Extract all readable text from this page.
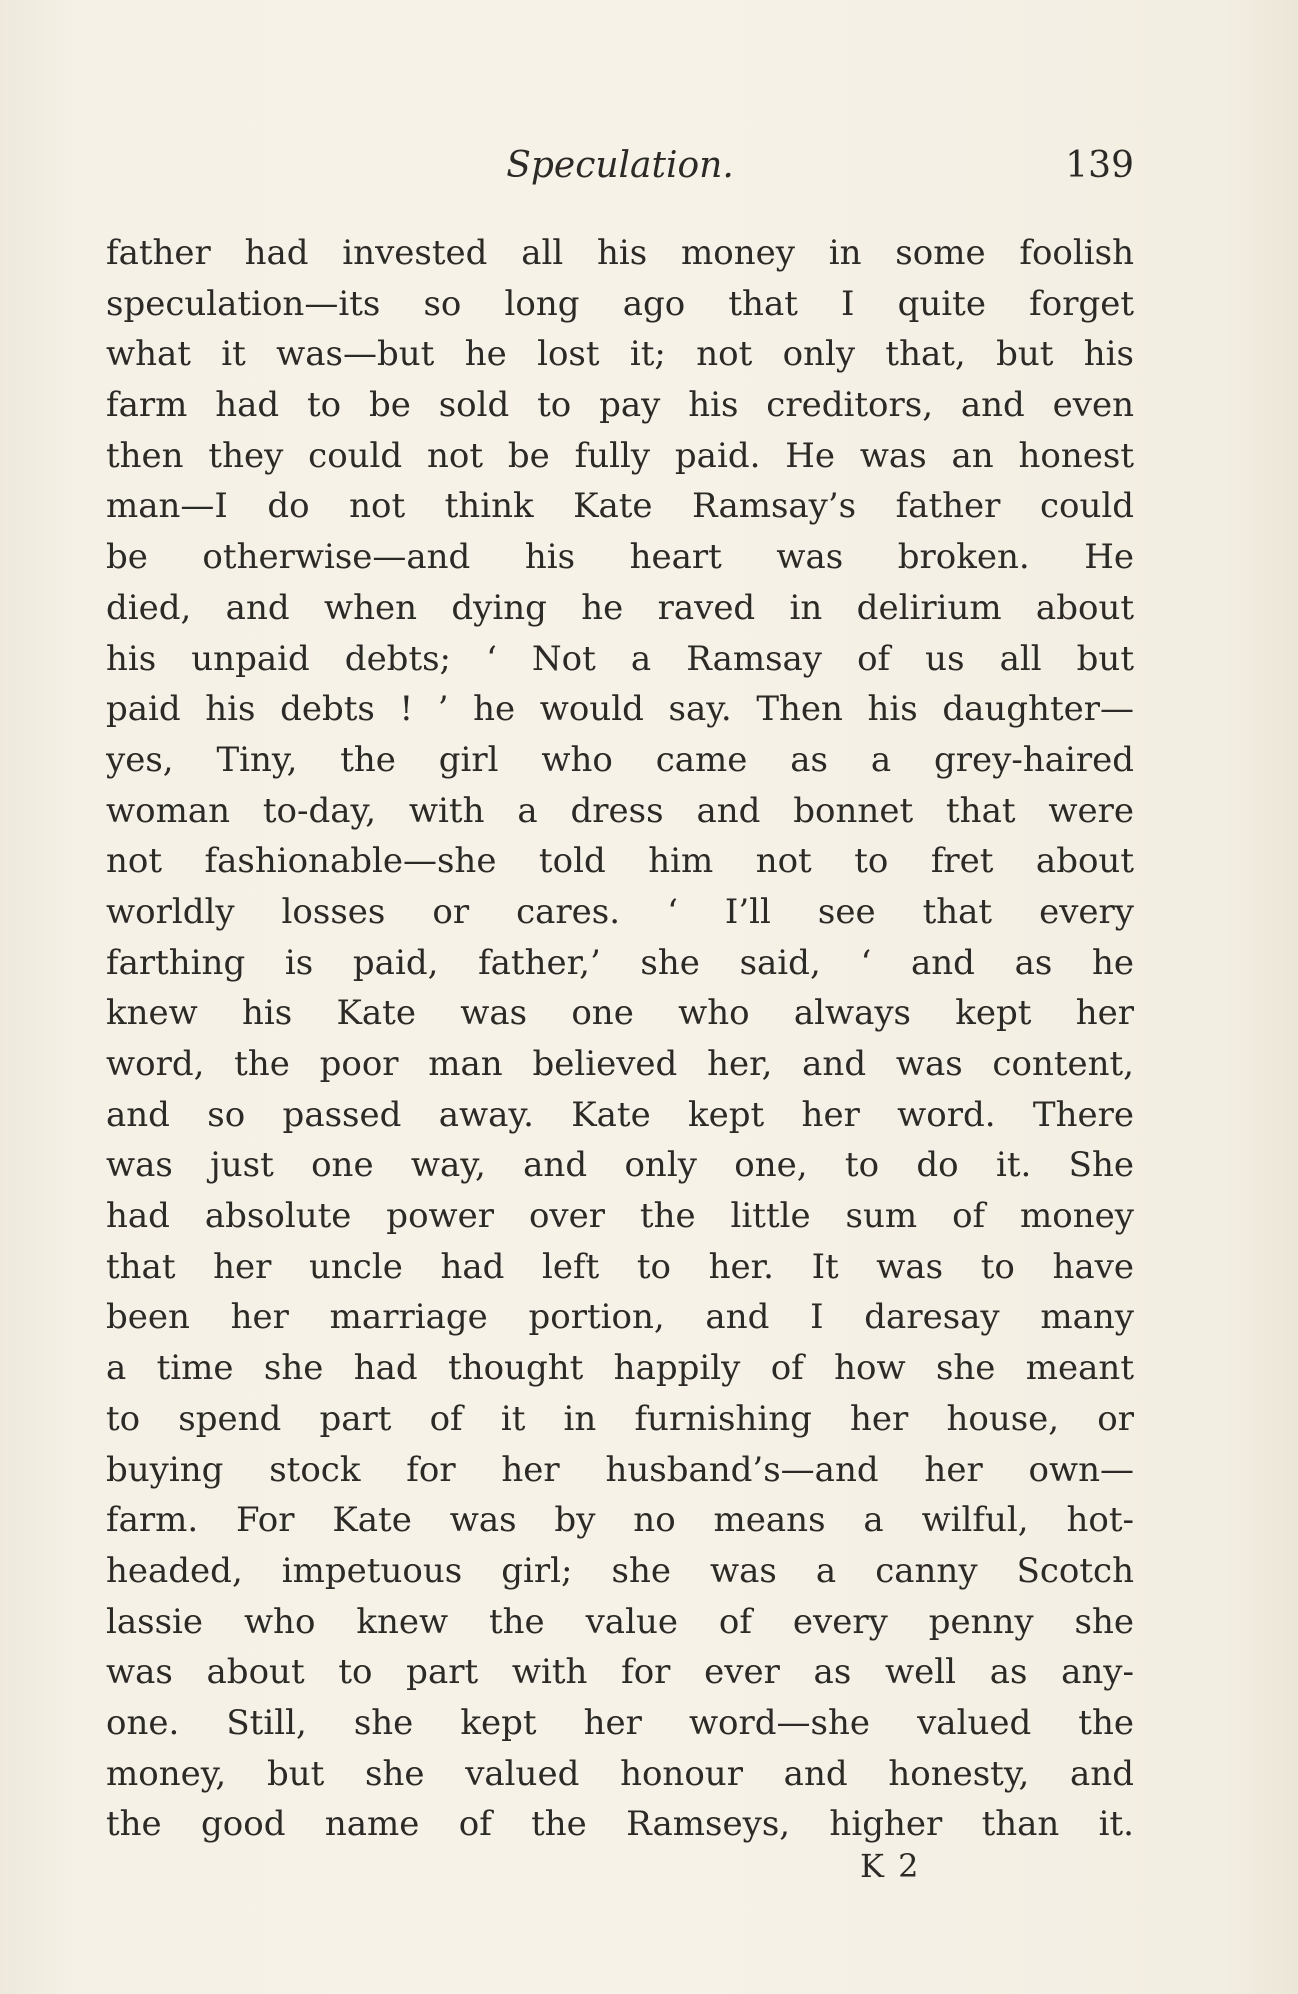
Speculation.	139
father had invested all his money in some foolish
speculation—its so long ago that I quite forget
what it was—but he lost it; not only that, but his
farm had to be sold to pay his creditors, and even
then they could not be fully paid. He was an honest
man—I do not think Kate Ramsay’s father could
be otherwise—and his heart was broken. He
died, and when dying he raved in delirium about
his unpaid debts; ‘ Not a Ramsay of us all but
paid his debts ! ’ he would say. Then his daughter—
yes, Tiny, the girl who came as a grey-haired
woman to-day, with a dress and bonnet that were
not fashionable—she told him not to fret about
worldly losses or cares. ‘ I’ll see that every
farthing is paid, father,’ she said, ‘ and as he
knew his Kate was one who always kept her
word, the poor man believed her, and was content,
and so passed away. Kate kept her word. There
was just one way, and only one, to do it. She
had absolute power over the little sum of money
that her uncle had left to her. It was to have
been her marriage portion, and I daresay many
a time she had thought happily of how she meant
to spend part of it in furnishing her house, or
buying stock for her husband’s—and her own—
farm. For Kate was by no means a wilful, hot-
headed, impetuous girl; she was a canny Scotch
lassie who knew the value of every penny she
was about to part with for ever as well as any-
one. Still, she kept her word—she valued the
money, but she valued honour and honesty, and
the good name of the Ramseys, higher than it.
K 2
